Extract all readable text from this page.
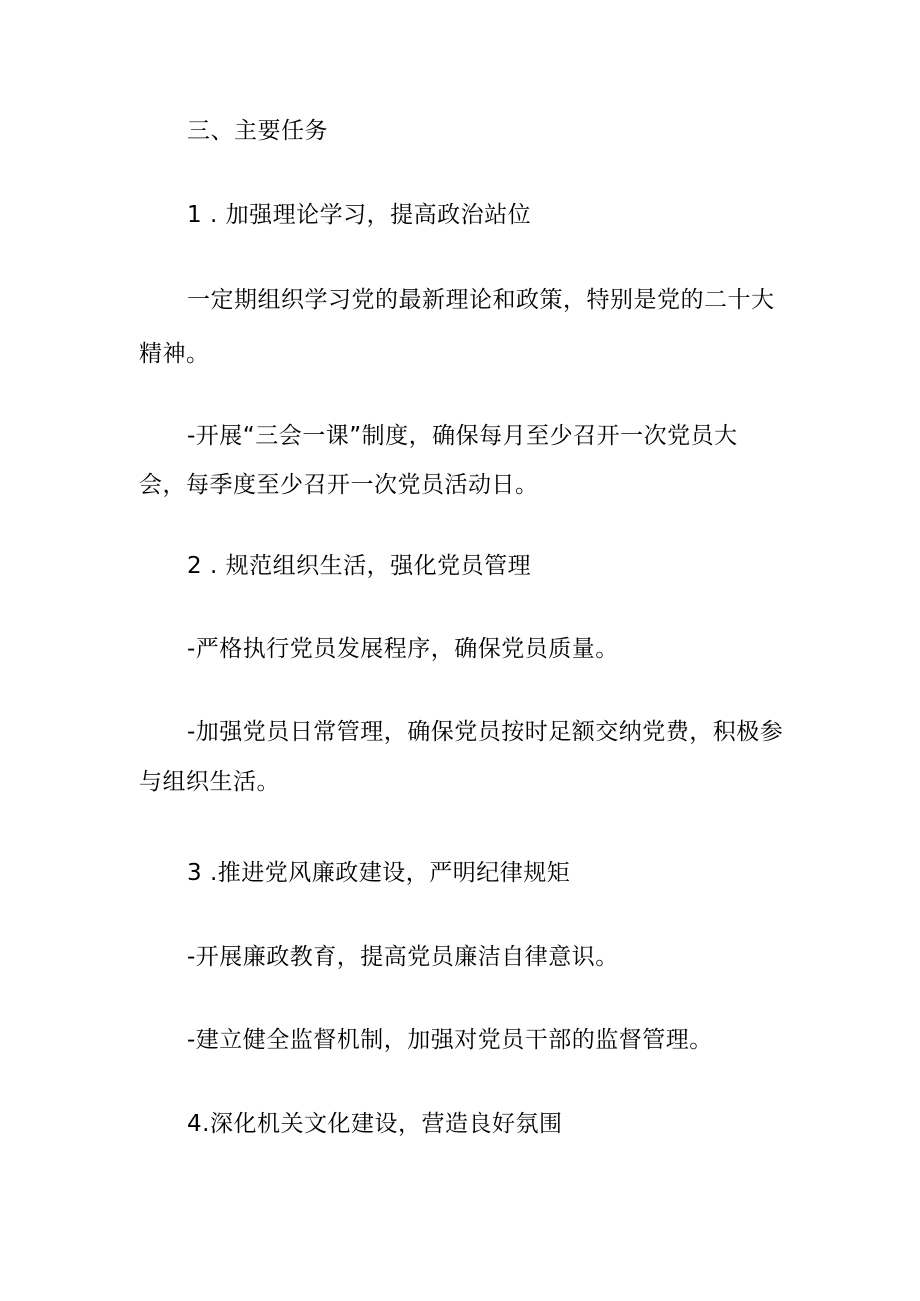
三、主要任务
1 . 加强理论学习，提高政治站位
一定期组织学习党的最新理论和政策，特别是党的二十大
精神。
-开展“三会一课”制度，确保每月至少召开一次党员大
会，每季度至少召开一次党员活动日。
2 . 规范组织生活，强化党员管理
-严格执行党员发展程序，确保党员质量。
-加强党员日常管理，确保党员按时足额交纳党费，积极参
与组织生活。
3 .推进党风廉政建设，严明纪律规矩
-开展廉政教育，提高党员廉洁自律意识。
-建立健全监督机制，加强对党员干部的监督管理。
4.深化机关文化建设，营造良好氛围
